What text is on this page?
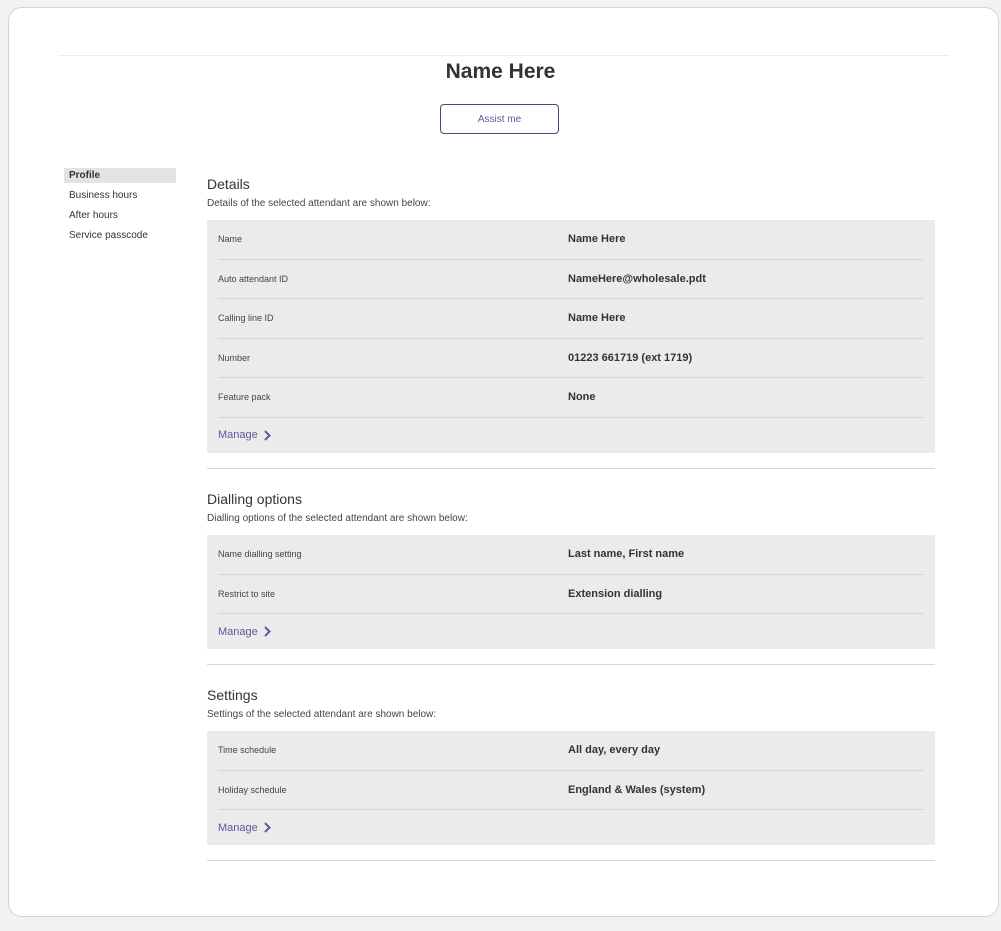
Name Here
Assist me
Profile
Business hours
After hours
Service passcode
Details
Details of the selected attendant are shown below:
Name	Name Here
Auto attendant ID	NameHere@wholesale.pdt
Calling line ID	Name Here
Number	01223 661719 (ext 1719)
Feature pack	None
Manage
Dialling options
Dialling options of the selected attendant are shown below:
Name dialling setting	Last name, First name
Restrict to site	Extension dialling
Manage
Settings
Settings of the selected attendant are shown below:
Time schedule	All day, every day
Holiday schedule	England & Wales (system)
Manage
